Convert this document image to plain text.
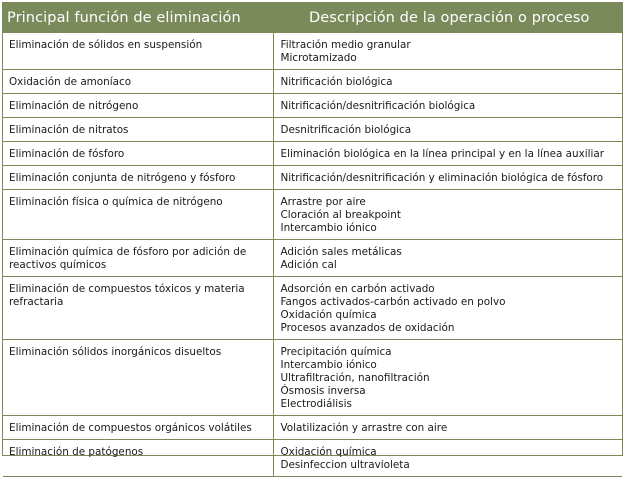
Principal función de eliminación	Descripción de la operación o proceso

Eliminación de sólidos en suspensión	Filtración medio granular
Microtamizado

Oxidación de amoníaco	Nitrificación biológica

Eliminación de nitrógeno	Nitrificación/desnitrificación biológica

Eliminación de nitratos	Desnitrificación biológica

Eliminación de fósforo	Eliminación biológica en la línea principal y en la línea auxiliar

Eliminación conjunta de nitrógeno y fósforo	Nitrificación/desnitrificación y eliminación biológica de fósforo

Eliminación física o química de nitrógeno	Arrastre por aire
Cloración al breakpoint
Intercambio iónico

Eliminación química de fósforo por adición de reactivos químicos	Adición sales metálicas
Adición cal

Eliminación de compuestos tóxicos y materia refractaria	Adsorción en carbón activado
Fangos activados-carbón activado en polvo
Oxidación química
Procesos avanzados de oxidación

Eliminación sólidos inorgánicos disueltos	Precipitación química
Intercambio iónico
Ultrafiltración, nanofiltración
Ósmosis inversa
Electrodiálisis

Eliminación de compuestos orgánicos volátiles	Volatilización y arrastre con aire

Eliminación de patógenos	Oxidación química
Desinfeccion ultravioleta
